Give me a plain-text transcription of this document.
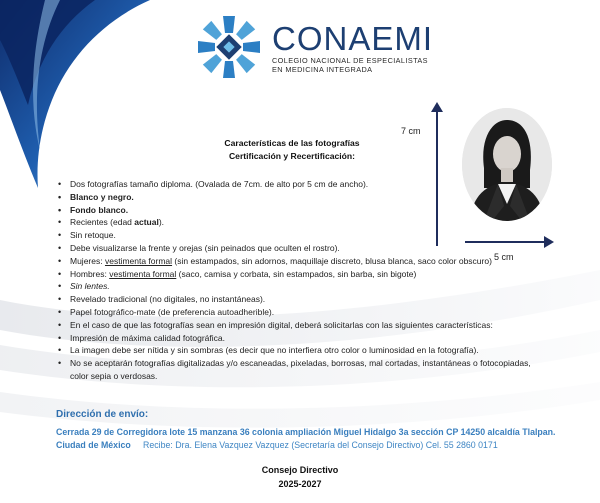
CONAEMI
COLEGIO NACIONAL DE ESPECIALISTAS
EN MEDICINA INTEGRADA
Características de las fotografías
Certificación y Recertificación:
• Dos fotografías tamaño diploma. (Ovalada de 7cm. de alto por 5 cm de ancho).
• Blanco y negro.
• Fondo blanco.
• Recientes (edad actual).
• Sin retoque.
• Debe visualizarse la frente y orejas (sin peinados que oculten el rostro).
• Mujeres: vestimenta formal (sin estampados, sin adornos, maquillaje discreto, blusa blanca, saco color obscuro)
• Hombres: vestimenta formal (saco, camisa y corbata, sin estampados, sin barba, sin bigote)
• Sin lentes.
• Revelado tradicional (no digitales, no instantáneas).
• Papel fotográfico-mate (de preferencia autoadherible).
• En el caso de que las fotografías sean en impresión digital, deberá solicitarlas con las siguientes características:
• Impresión de máxima calidad fotográfica.
• La imagen debe ser nítida y sin sombras (es decir que no interfiera otro color o luminosidad en la fotografía).
• No se aceptarán fotografías digitalizadas y/o escaneadas, pixeladas, borrosas, mal cortadas, instantáneas o fotocopiadas, color sepia o verdosas.
7 cm
5 cm
Dirección de envío:
Cerrada 29 de Corregidora lote 15 manzana 36 colonia ampliación Miguel Hidalgo 3a sección CP 14250 alcaldía Tlalpan. Ciudad de México Recibe: Dra. Elena Vazquez Vazquez (Secretaría del Consejo Directivo) Cel. 55 2860 0171
Consejo Directivo
2025-2027
